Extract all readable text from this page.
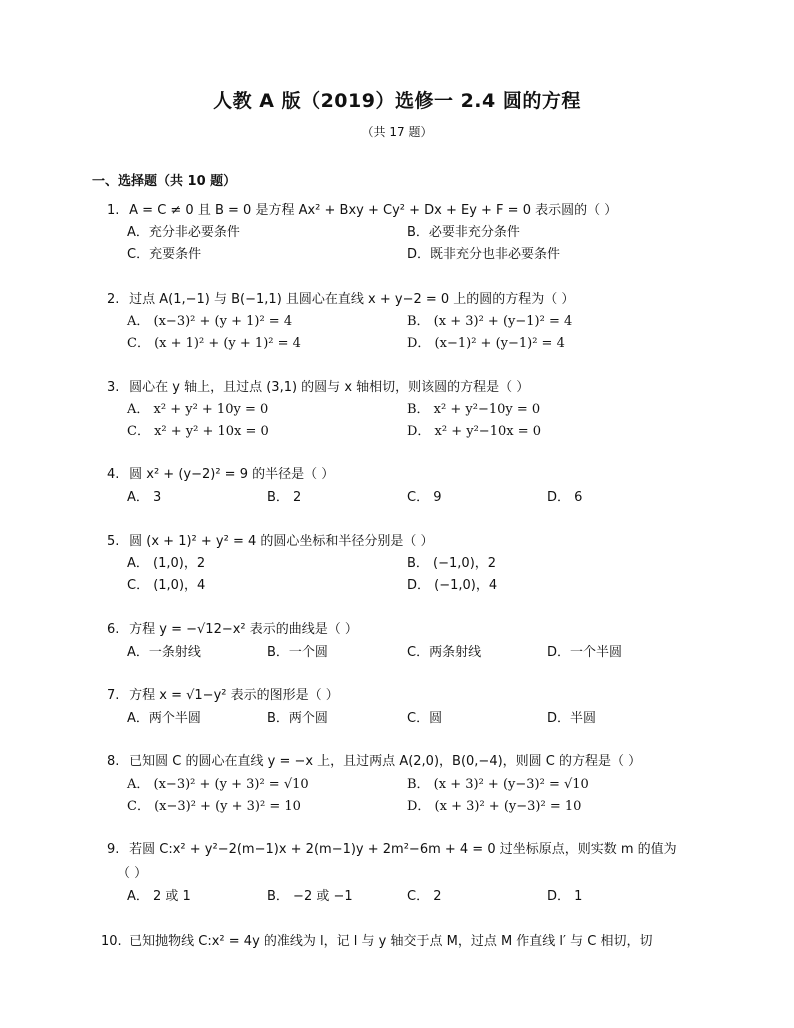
人教 A 版（2019）选修一 2.4 圆的方程
（共 17 题）
一、选择题（共 10 题）
1. A = C ≠ 0 且 B = 0 是方程 Ax² + Bxy + Cy² + Dx + Ey + F = 0 表示圆的（ ）
A．充分非必要条件	B．必要非充分条件
C．充要条件	D．既非充分也非必要条件
2. 过点 A(1,−1) 与 B(−1,1) 且圆心在直线 x + y−2 = 0 上的圆的方程为（ ）
A． (x−3)² + (y + 1)² = 4	B． (x + 3)² + (y−1)² = 4
C． (x + 1)² + (y + 1)² = 4	D． (x−1)² + (y−1)² = 4
3. 圆心在 y 轴上，且过点 (3,1) 的圆与 x 轴相切，则该圆的方程是（ ）
A． x² + y² + 10y = 0	B． x² + y²−10y = 0
C． x² + y² + 10x = 0	D． x² + y²−10x = 0
4. 圆 x² + (y−2)² = 9 的半径是（ ）
A． 3	B． 2	C． 9	D． 6
5. 圆 (x + 1)² + y² = 4 的圆心坐标和半径分别是（ ）
A． (1,0)，2	B． (−1,0)，2
C． (1,0)，4	D． (−1,0)，4
6. 方程 y = −√12−x² 表示的曲线是（ ）
A．一条射线	B．一个圆	C．两条射线	D．一个半圆
7. 方程 x = √1−y² 表示的图形是（ ）
A．两个半圆	B．两个圆	C．圆	D．半圆
8. 已知圆 C 的圆心在直线 y = −x 上，且过两点 A(2,0)，B(0,−4)，则圆 C 的方程是（ ）
A． (x−3)² + (y + 3)² = √10	B． (x + 3)² + (y−3)² = √10
C． (x−3)² + (y + 3)² = 10	D． (x + 3)² + (y−3)² = 10
9. 若圆 C:x² + y²−2(m−1)x + 2(m−1)y + 2m²−6m + 4 = 0 过坐标原点，则实数 m 的值为
（ ）
A． 2 或 1	B． −2 或 −1	C． 2	D． 1
10. 已知抛物线 C:x² = 4y 的准线为 l，记 l 与 y 轴交于点 M，过点 M 作直线 l′ 与 C 相切，切
